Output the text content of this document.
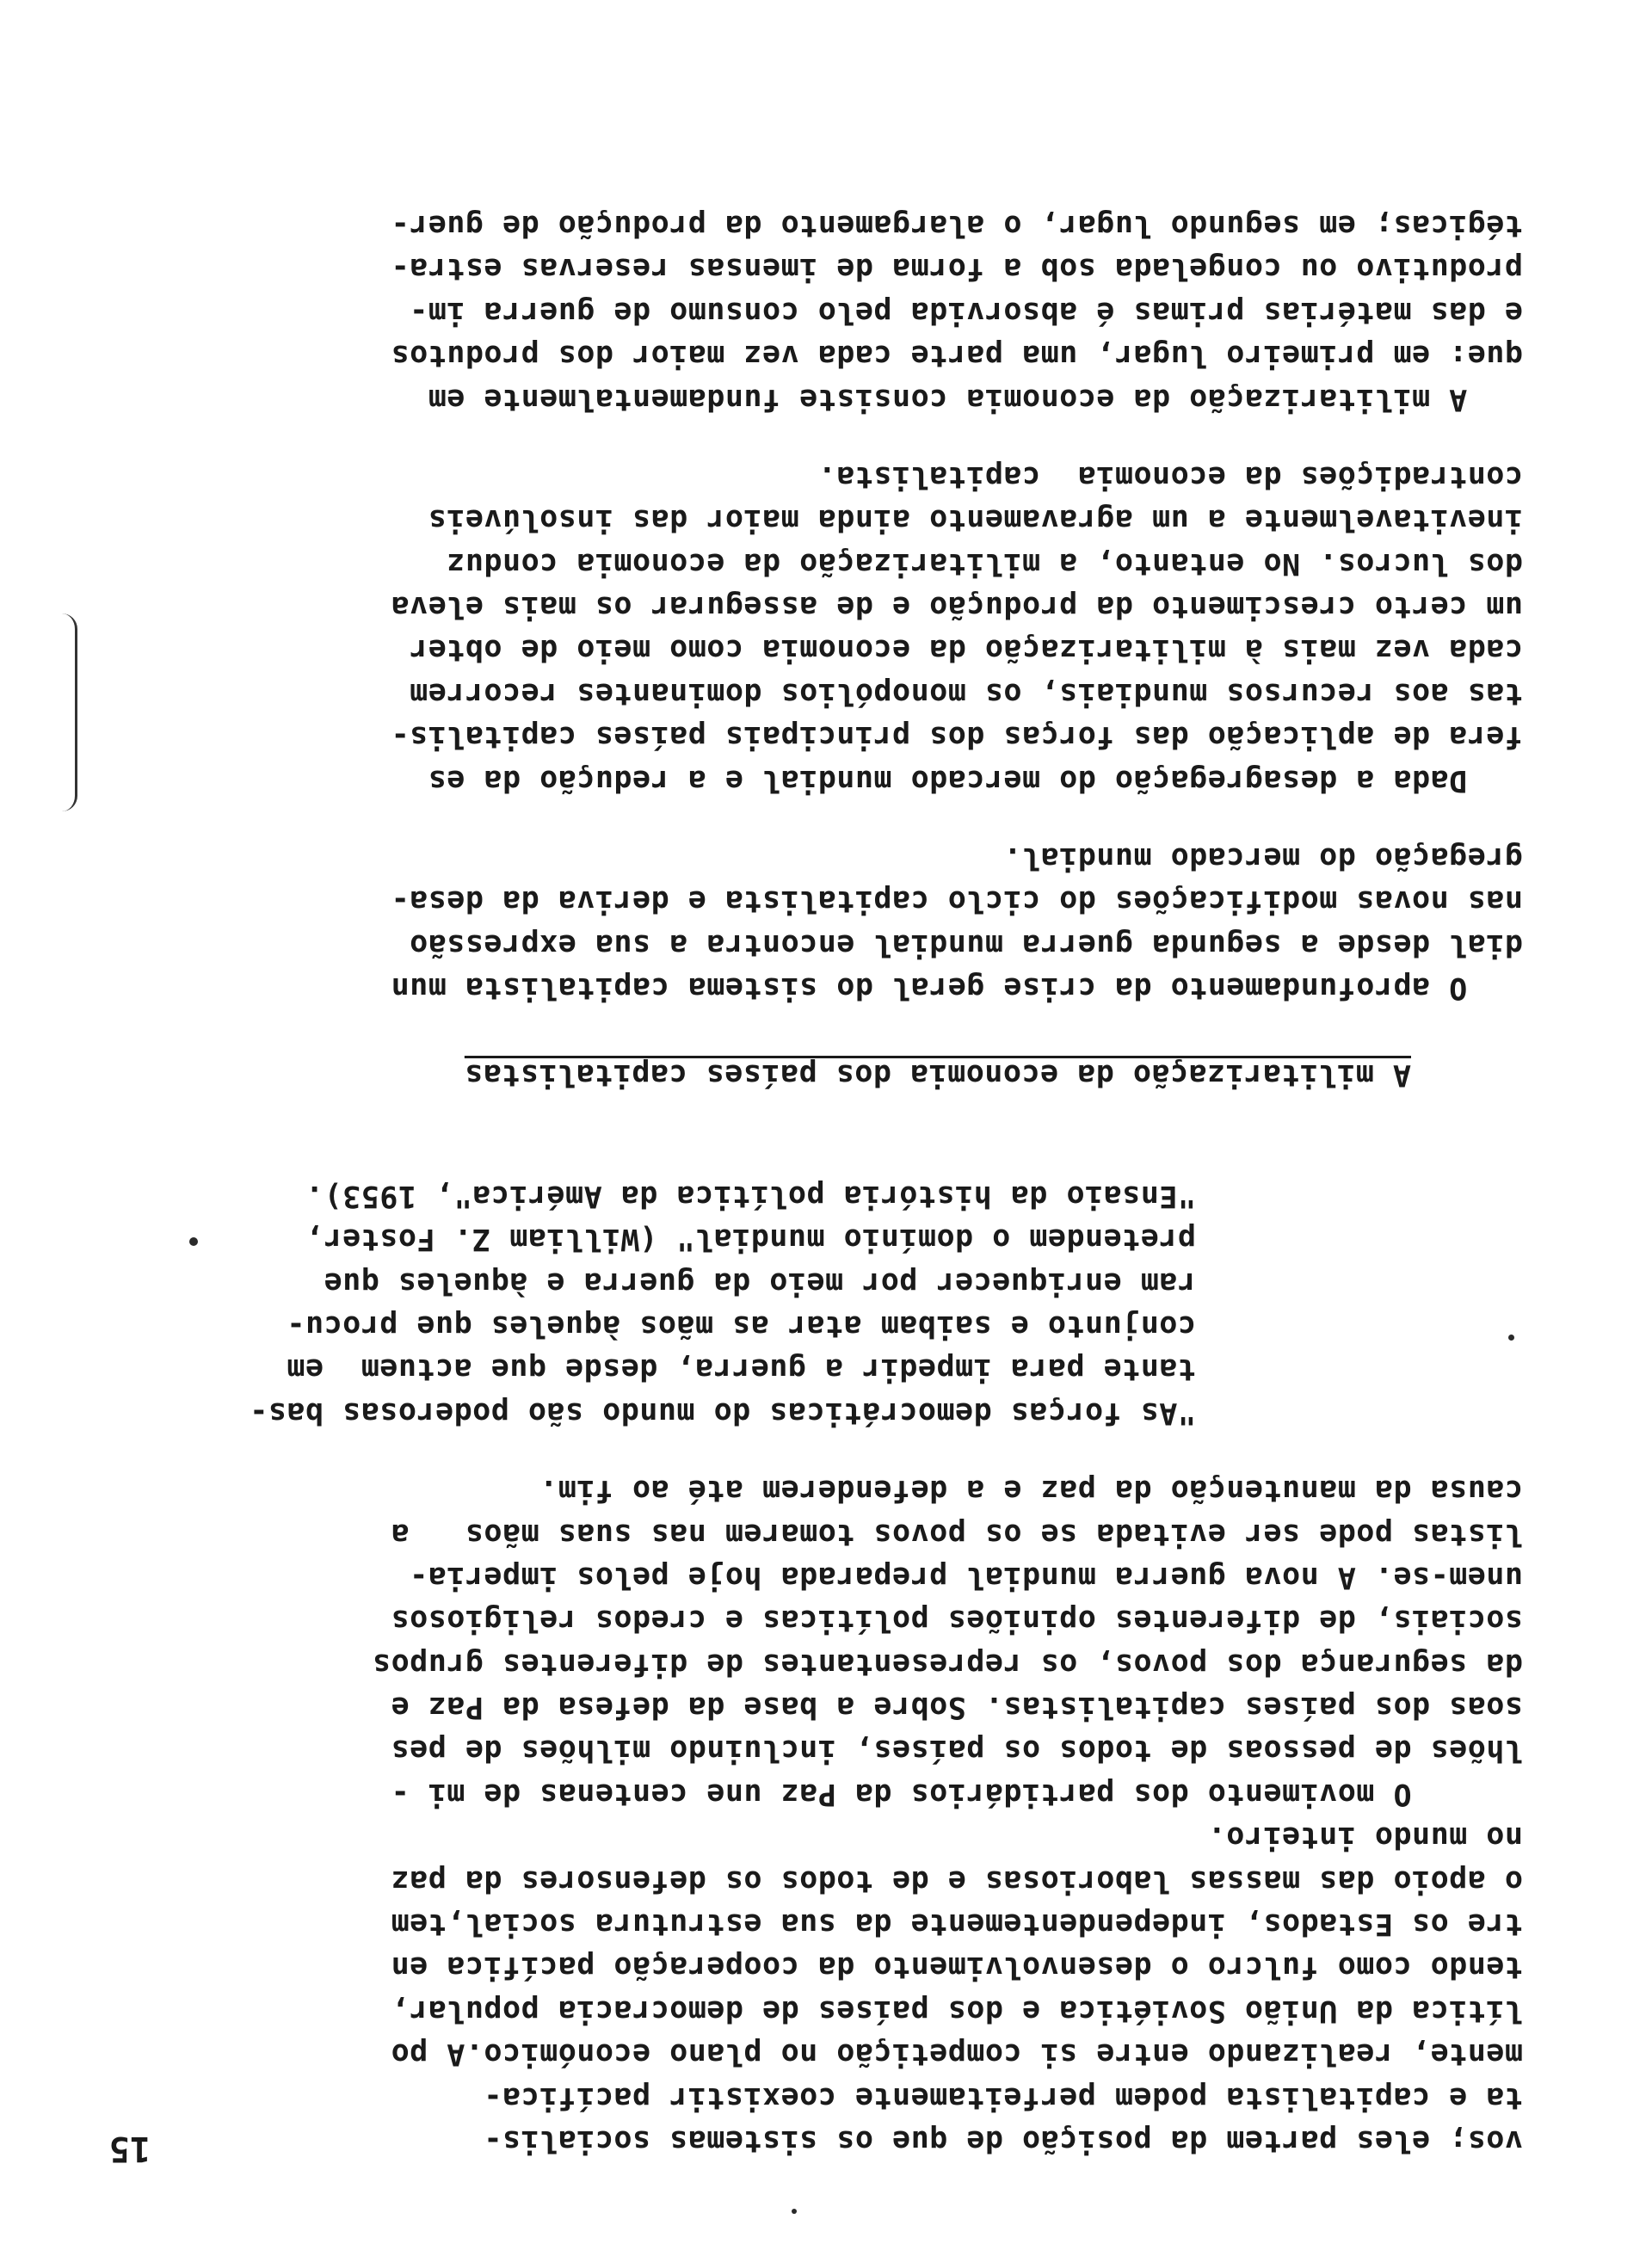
15	vos; eles partem da posição de que os sistemas socialis-
ta e capitalista podem perfeitamente coexistir pacífica-
mente, realizando entre si competição no plano económico.A po
lítica da União Soviética e dos países de democracia popular,
tendo como fulcro o desenvolvimento da cooperação pacífica en
tre os Estados, independentemente da sua estrutura social,tem
o apoio das massas laboriosas e de todos os defensores da paz
no mundo inteiro.
O movimento dos partidários da Paz une centenas de mi -
lhões de pessoas de todos os países, incluindo milhões de pes
soas dos países capitalistas. Sobre a base da defesa da Paz e
da segurança dos povos, os representantes de diferentes grupos
sociais, de diferentes opiniões políticas e credos religiosos
unem-se. A nova guerra mundial preparada hoje pelos imperia-
listas pode ser evitada se os povos tomarem nas suas mãos   a
causa da manutenção da paz e a defenderem até ao fim.
"As forças democráticas do mundo são poderosas bas-
tante para impedir a guerra, desde que actuem  em
conjunto e saibam atar as mãos àqueles que procu-
ram enriquecer por meio da guerra e àqueles que
pretendem o domínio mundial" (William Z. Foster,
"Ensaio da história política da América", 1953).
A militarização da economia dos países capitalistas
O aprofundamento da crise geral do sistema capitalista mun
dial desde a segunda guerra mundial encontra a sua expressão
nas novas modificações do ciclo capitalista e deriva da desa-
gregação do mercado mundial.
Dada a desagregação do mercado mundial e a redução da es
fera de aplicação das forças dos principais países capitalis-
tas aos recursos mundiais, os monopólios dominantes recorrem
cada vez mais à militarização da economia como meio de obter
um certo crescimento da produção e de assegurar os mais eleva
dos lucros. No entanto, a militarização da economia conduz
inevitavelmente a um agravamento ainda maior das insolúveis
contradições da economia  capitalista.
A militarização da economia consiste fundamentalmente em
que: em primeiro lugar, uma parte cada vez maior dos produtos
e das matérias primas é absorvida pelo consumo de guerra im-
produtivo ou congelada sob a forma de imensas reservas estra-
tégicas; em segundo lugar, o alargamento da produção de guer-
